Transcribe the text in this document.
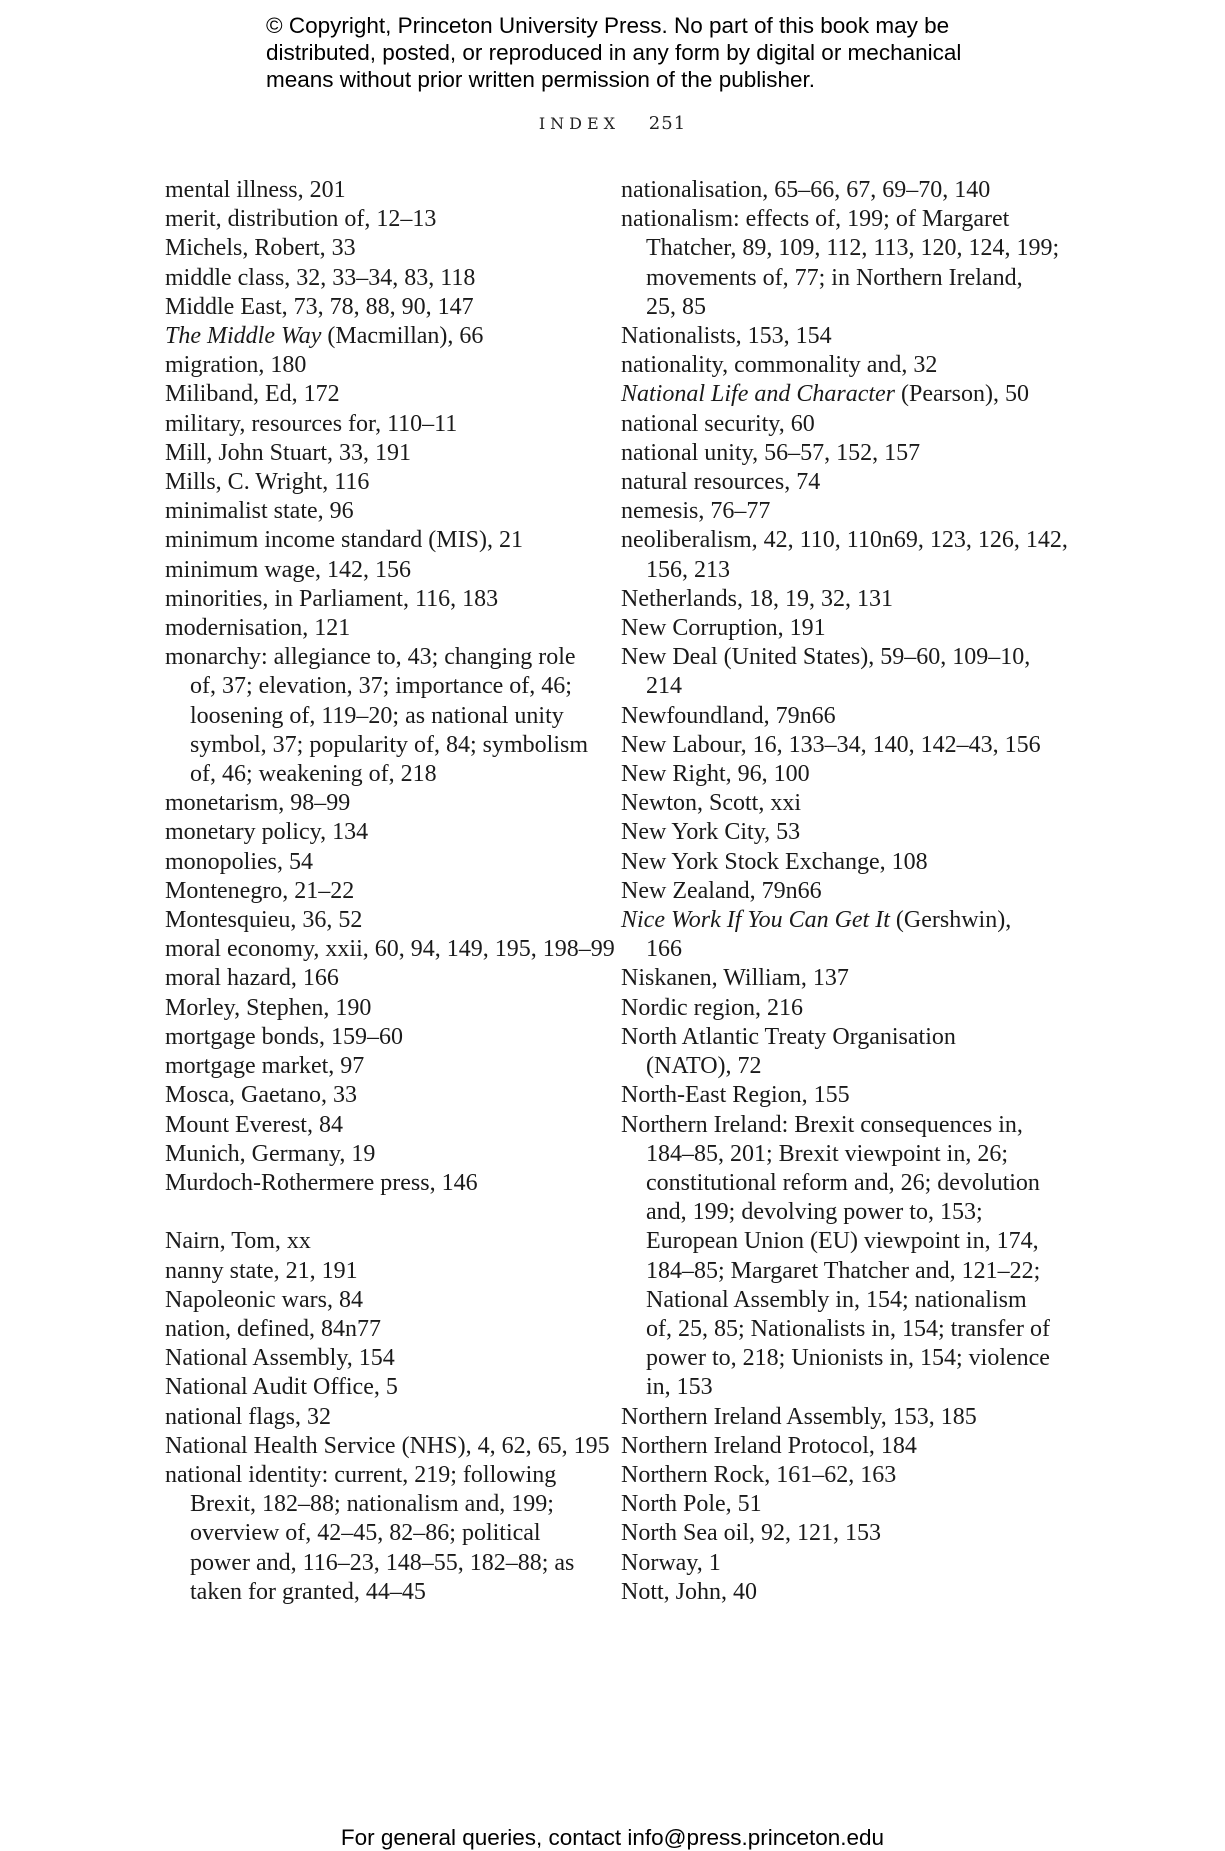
© Copyright, Princeton University Press. No part of this book may be
distributed, posted, or reproduced in any form by digital or mechanical
means without prior written permission of the publisher.
INDEX 251
mental illness, 201
merit, distribution of, 12–13
Michels, Robert, 33
middle class, 32, 33–34, 83, 118
Middle East, 73, 78, 88, 90, 147
The Middle Way (Macmillan), 66
migration, 180
Miliband, Ed, 172
military, resources for, 110–11
Mill, John Stuart, 33, 191
Mills, C. Wright, 116
minimalist state, 96
minimum income standard (MIS), 21
minimum wage, 142, 156
minorities, in Parliament, 116, 183
modernisation, 121
monarchy: allegiance to, 43; changing role
of, 37; elevation, 37; importance of, 46;
loosening of, 119–20; as national unity
symbol, 37; popularity of, 84; symbolism
of, 46; weakening of, 218
monetarism, 98–99
monetary policy, 134
monopolies, 54
Montenegro, 21–22
Montesquieu, 36, 52
moral economy, xxii, 60, 94, 149, 195, 198–99
moral hazard, 166
Morley, Stephen, 190
mortgage bonds, 159–60
mortgage market, 97
Mosca, Gaetano, 33
Mount Everest, 84
Munich, Germany, 19
Murdoch-Rothermere press, 146
Nairn, Tom, xx
nanny state, 21, 191
Napoleonic wars, 84
nation, defined, 84n77
National Assembly, 154
National Audit Office, 5
national flags, 32
National Health Service (NHS), 4, 62, 65, 195
national identity: current, 219; following
Brexit, 182–88; nationalism and, 199;
overview of, 42–45, 82–86; political
power and, 116–23, 148–55, 182–88; as
taken for granted, 44–45
nationalisation, 65–66, 67, 69–70, 140
nationalism: effects of, 199; of Margaret
Thatcher, 89, 109, 112, 113, 120, 124, 199;
movements of, 77; in Northern Ireland,
25, 85
Nationalists, 153, 154
nationality, commonality and, 32
National Life and Character (Pearson), 50
national security, 60
national unity, 56–57, 152, 157
natural resources, 74
nemesis, 76–77
neoliberalism, 42, 110, 110n69, 123, 126, 142,
156, 213
Netherlands, 18, 19, 32, 131
New Corruption, 191
New Deal (United States), 59–60, 109–10,
214
Newfoundland, 79n66
New Labour, 16, 133–34, 140, 142–43, 156
New Right, 96, 100
Newton, Scott, xxi
New York City, 53
New York Stock Exchange, 108
New Zealand, 79n66
Nice Work If You Can Get It (Gershwin),
166
Niskanen, William, 137
Nordic region, 216
North Atlantic Treaty Organisation
(NATO), 72
North-East Region, 155
Northern Ireland: Brexit consequences in,
184–85, 201; Brexit viewpoint in, 26;
constitutional reform and, 26; devolution
and, 199; devolving power to, 153;
European Union (EU) viewpoint in, 174,
184–85; Margaret Thatcher and, 121–22;
National Assembly in, 154; nationalism
of, 25, 85; Nationalists in, 154; transfer of
power to, 218; Unionists in, 154; violence
in, 153
Northern Ireland Assembly, 153, 185
Northern Ireland Protocol, 184
Northern Rock, 161–62, 163
North Pole, 51
North Sea oil, 92, 121, 153
Norway, 1
Nott, John, 40
For general queries, contact info@press.princeton.edu
